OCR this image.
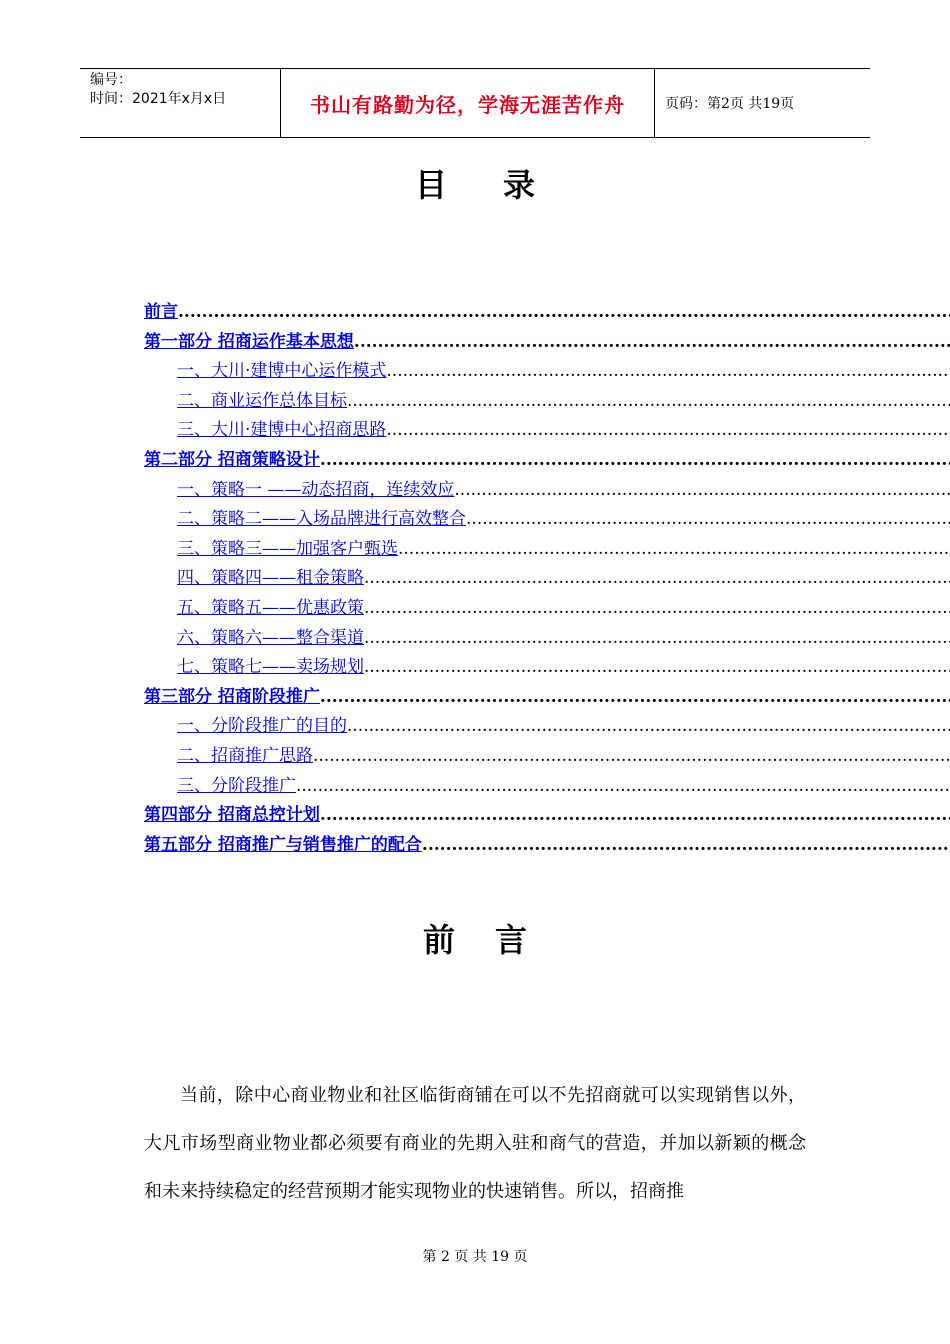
编号：
时间：2021年x月x日	书山有路勤为径，学海无涯苦作舟	页码：第2页 共19页
目录
前言
.....
第一部分 招商运作基本思想
.....
一、大川·建博中心运作模式
.....
二、商业运作总体目标
.....
三、大川·建博中心招商思路
.....
第二部分 招商策略设计
.....
一、策略一 ——动态招商，连续效应
.....
二、策略二——入场品牌进行高效整合
.....
三、策略三——加强客户甄选
.....
四、策略四——租金策略
.....
五、策略五——优惠政策
.....
六、策略六——整合渠道
.....
七、策略七——卖场规划
.....
第三部分 招商阶段推广
.....
一、分阶段推广的目的
.....
二、招商推广思路
.....
三、分阶段推广
.....
第四部分 招商总控计划
.....
第五部分 招商推广与销售推广的配合
.....
前言

当前，除中心商业物业和社区临街商铺在可以不先招商就可以实现销售以外，大凡市场型商业物业都必须要有商业的先期入驻和商气的营造，并加以新颖的概念和未来持续稳定的经营预期才能实现物业的快速销售。所以，招商推

第 2 页 共 19 页
